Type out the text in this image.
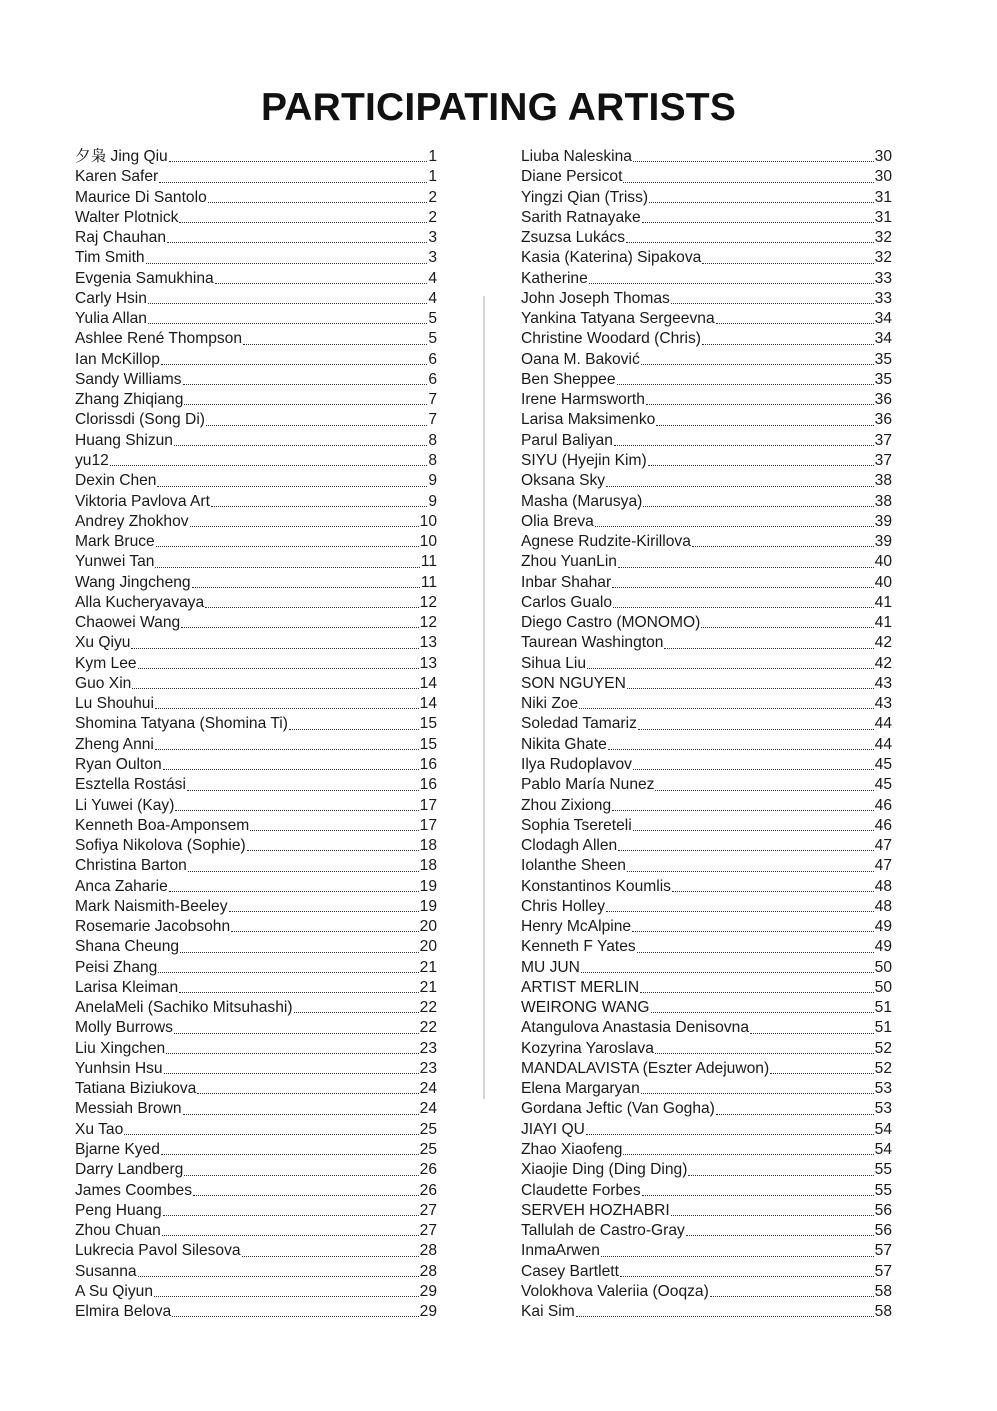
PARTICIPATING ARTISTS
夕枭 Jing Qiu	1
Karen Safer	1
Maurice Di Santolo	2
Walter Plotnick	2
Raj Chauhan	3
Tim Smith	3
Evgenia Samukhina	4
Carly Hsin	4
Yulia Allan	5
Ashlee René Thompson	5
Ian McKillop	6
Sandy Williams	6
Zhang Zhiqiang	7
Clorissdi (Song Di)	7
Huang Shizun	8
yu12	8
Dexin Chen	9
Viktoria Pavlova Art	9
Andrey Zhokhov	10
Mark Bruce	10
Yunwei Tan	11
Wang Jingcheng	11
Alla Kucheryavaya	12
Chaowei Wang	12
Xu Qiyu	13
Kym Lee	13
Guo Xin	14
Lu Shouhui	14
Shomina Tatyana (Shomina Ti)	15
Zheng Anni	15
Ryan Oulton	16
Esztella Rostási	16
Li Yuwei (Kay)	17
Kenneth Boa-Amponsem	17
Sofiya Nikolova (Sophie)	18
Christina Barton	18
Anca Zaharie	19
Mark Naismith-Beeley	19
Rosemarie Jacobsohn	20
Shana Cheung	20
Peisi Zhang	21
Larisa Kleiman	21
AnelaMeli (Sachiko Mitsuhashi)	22
Molly Burrows	22
Liu Xingchen	23
Yunhsin Hsu	23
Tatiana Biziukova	24
Messiah Brown	24
Xu Tao	25
Bjarne Kyed	25
Darry Landberg	26
James Coombes	26
Peng Huang	27
Zhou Chuan	27
Lukrecia Pavol Silesova	28
Susanna	28
A Su Qiyun	29
Elmira Belova	29
Liuba Naleskina	30
Diane Persicot	30
Yingzi Qian (Triss)	31
Sarith Ratnayake	31
Zsuzsa Lukács	32
Kasia (Katerina) Sipakova	32
Katherine	33
John Joseph Thomas	33
Yankina Tatyana Sergeevna	34
Christine Woodard (Chris)	34
Oana M. Baković	35
Ben Sheppee	35
Irene Harmsworth	36
Larisa Maksimenko	36
Parul Baliyan	37
SIYU (Hyejin Kim)	37
Oksana Sky	38
Masha (Marusya)	38
Olia Breva	39
Agnese Rudzite-Kirillova	39
Zhou YuanLin	40
Inbar Shahar	40
Carlos Gualo	41
Diego Castro (MONOMO)	41
Taurean Washington	42
Sihua Liu	42
SON NGUYEN	43
Niki Zoe	43
Soledad Tamariz	44
Nikita Ghate	44
Ilya Rudoplavov	45
Pablo María Nunez	45
Zhou Zixiong	46
Sophia Tsereteli	46
Clodagh Allen	47
Iolanthe Sheen	47
Konstantinos Koumlis	48
Chris Holley	48
Henry McAlpine	49
Kenneth F Yates	49
MU JUN	50
ARTIST MERLIN	50
WEIRONG WANG	51
Atangulova Anastasia Denisovna	51
Kozyrina Yaroslava	52
MANDALAVISTA (Eszter Adejuwon)	52
Elena Margaryan	53
Gordana Jeftic (Van Gogha)	53
JIAYI QU	54
Zhao Xiaofeng	54
Xiaojie Ding (Ding Ding)	55
Claudette Forbes	55
SERVEH HOZHABRI	56
Tallulah de Castro-Gray	56
InmaArwen	57
Casey Bartlett	57
Volokhova Valeriia (Ooqza)	58
Kai Sim	58
